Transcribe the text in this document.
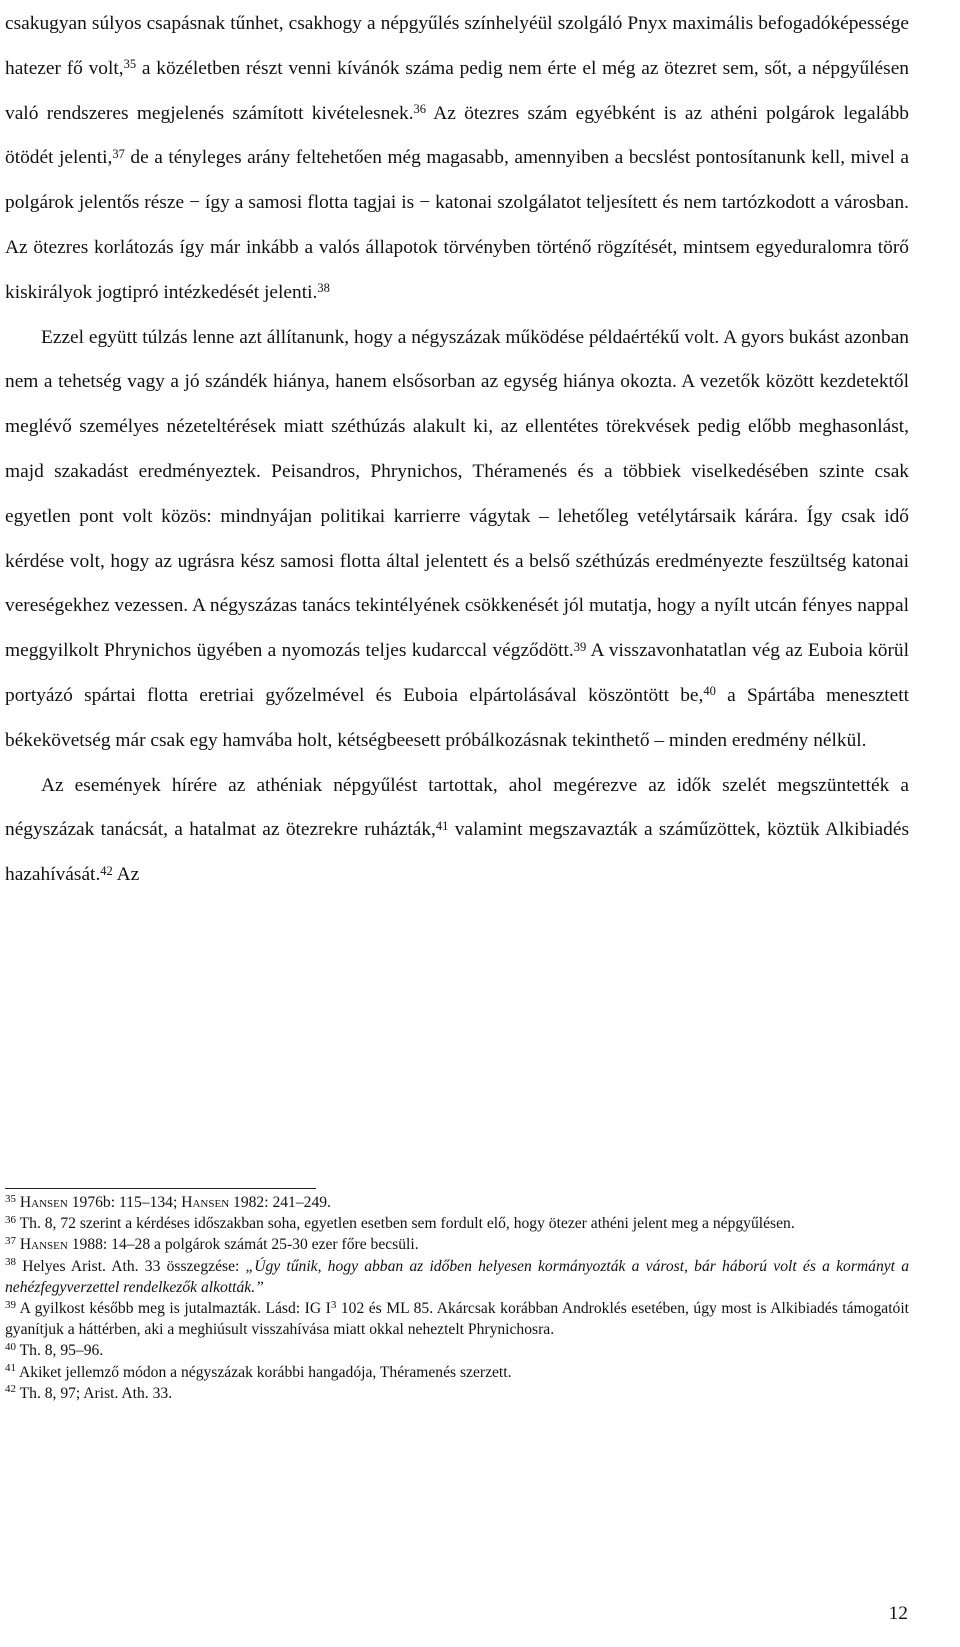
csakugyan súlyos csapásnak tűnhet, csakhogy a népgyűlés színhelyéül szolgáló Pnyx maximális befogadóképessége hatezer fő volt,$^{35}$ a közéletben részt venni kívánók száma pedig nem érte el még az ötezret sem, sőt, a népgyűlésen való rendszeres megjelenés számított kivételesnek.$^{36}$ Az ötezres szám egyébként is az athéni polgárok legalább ötödét jelenti,$^{37}$ de a tényleges arány feltehetően még magasabb, amennyiben a becslést pontosítanunk kell, mivel a polgárok jelentős része − így a samosi flotta tagjai is − katonai szolgálatot teljesített és nem tartózkodott a városban. Az ötezres korlátozás így már inkább a valós állapotok törvényben történő rögzítését, mintsem egyeduralomra törő kiskirályok jogtipró intézkedését jelenti.$^{38}$

Ezzel együtt túlzás lenne azt állítanunk, hogy a négyszázak működése példaértékű volt. A gyors bukást azonban nem a tehetség vagy a jó szándék hiánya, hanem elsősorban az egység hiánya okozta. A vezetők között kezdetektől meglévő személyes nézeteltérések miatt széthúzás alakult ki, az ellentétes törekvések pedig előbb meghasonlást, majd szakadást eredményeztek. Peisandros, Phrynichos, Théramenés és a többiek viselkedésében szinte csak egyetlen pont volt közös: mindnyájan politikai karrierre vágytak – lehetőleg vetélytársaik kárára. Így csak idő kérdése volt, hogy az ugrásra kész samosi flotta által jelentett és a belső széthúzás eredményezte feszültség katonai vereségekhez vezessen. A négyszázas tanács tekintélyének csökkenését jól mutatja, hogy a nyílt utcán fényes nappal meggyilkolt Phrynichos ügyében a nyomozás teljes kudarccal végződött.$^{39}$ A visszavonhatatlan vég az Euboia körül portyázó spártai flotta eretriai győzelmével és Euboia elpártolásával köszöntött be,$^{40}$ a Spártába menesztett békekövetség már csak egy hamvába holt, kétségbeesett próbálkozásnak tekinthető – minden eredmény nélkül.

Az események hírére az athéniak népgyűlést tartottak, ahol megérezve az idők szelét megszüntették a négyszázak tanácsát, a hatalmat az ötezrekre ruházták,$^{41}$ valamint megszavazták a száműzöttek, köztük Alkibiadés hazahívását.$^{42}$ Az

$^{35}$ Hansen 1976b: 115–134; Hansen 1982: 241–249.

$^{36}$ Th. 8, 72 szerint a kérdéses időszakban soha, egyetlen esetben sem fordult elő, hogy ötezer athéni jelent meg a népgyűlésen.

$^{37}$ Hansen 1988: 14–28 a polgárok számát 25-30 ezer főre becsüli.

$^{38}$ Helyes Arist. Ath. 33 összegzése: „Úgy tűnik, hogy abban az időben helyesen kormányozták a várost, bár háború volt és a kormányt a nehézfegyverzettel rendelkezők alkották.”

$^{39}$ A gyilkost később meg is jutalmazták. Lásd: IG $I^3$ 102 és ML 85. Akárcsak korábban Androklés esetében, úgy most is Alkibiadés támogatóit gyanítjuk a háttérben, aki a meghiúsult visszahívása miatt okkal neheztelt Phrynichosra.

$^{40}$ Th. 8, 95–96.

$^{41}$ Akiket jellemző módon a négyszázak korábbi hangadója, Théramenés szerzett.

$^{42}$ Th. 8, 97; Arist. Ath. 33.

12
